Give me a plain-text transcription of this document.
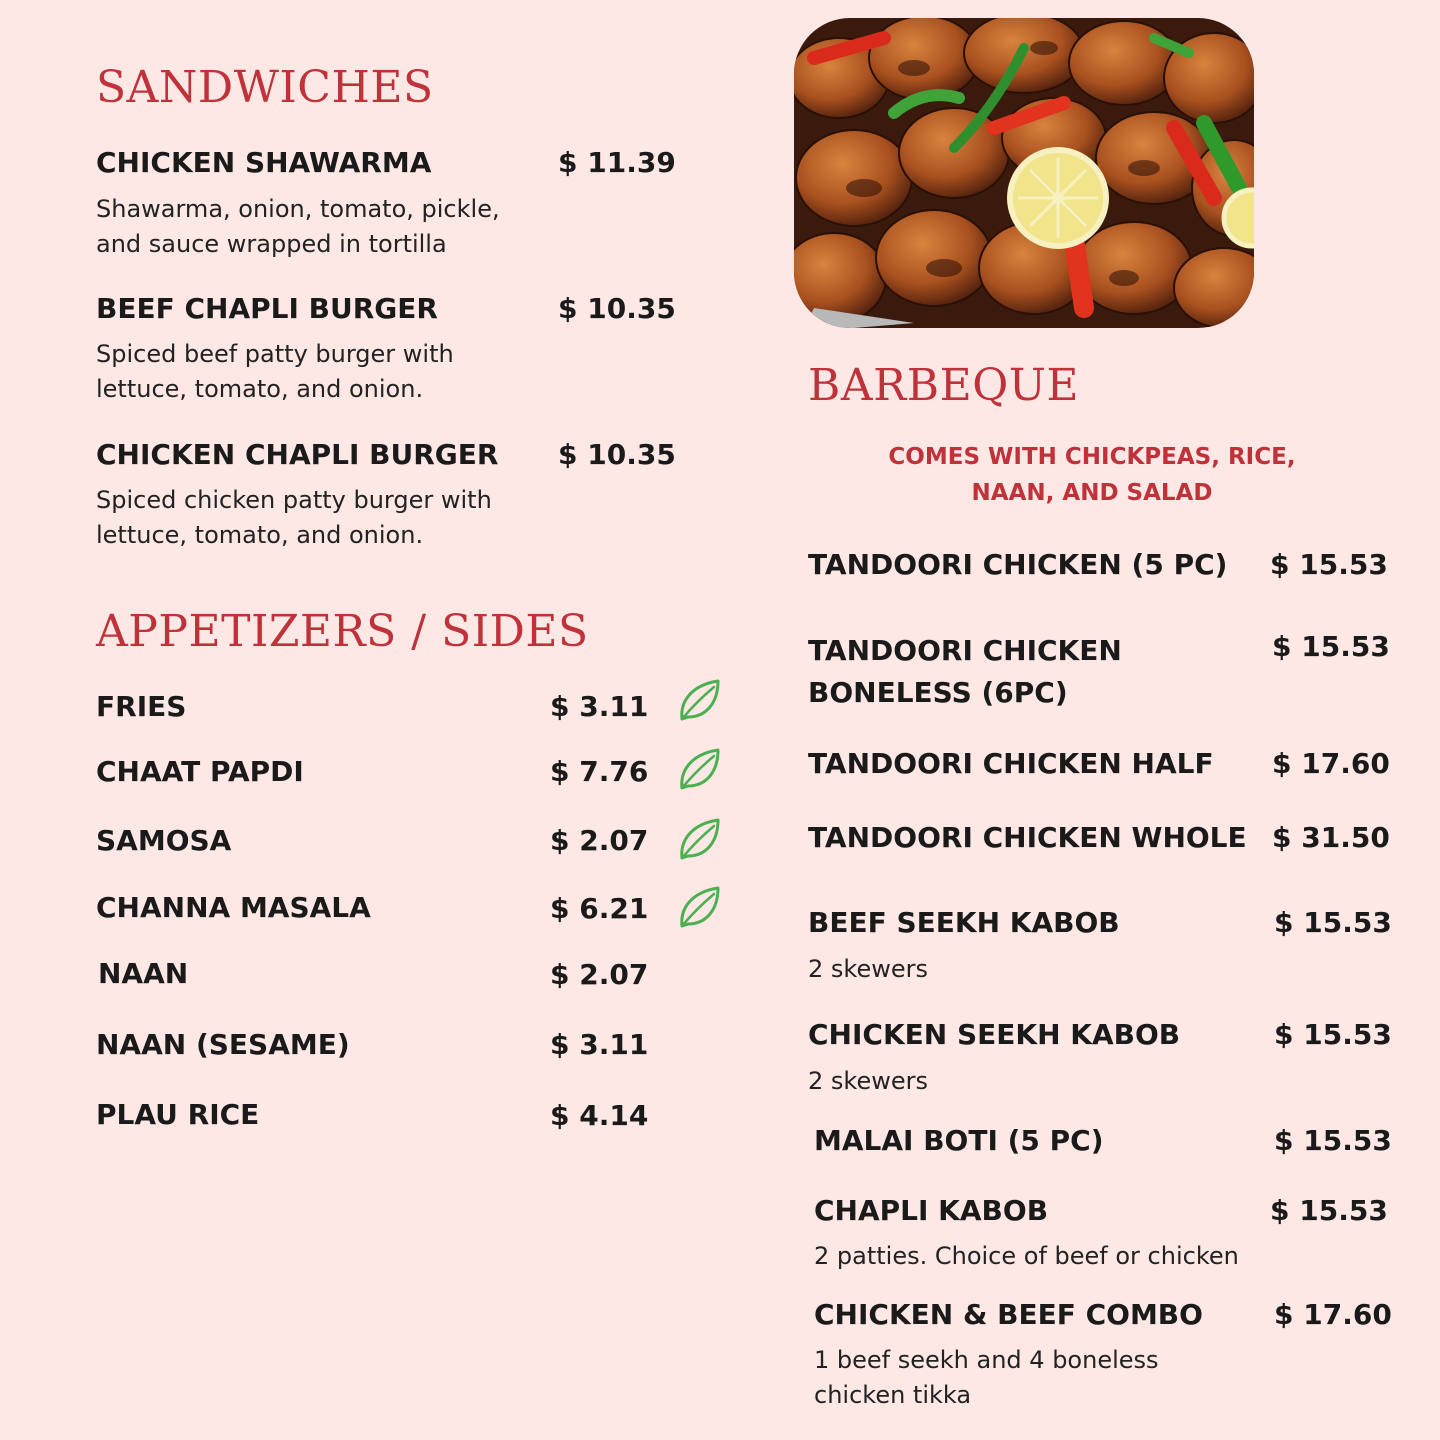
SANDWICHES
CHICKEN SHAWARMA	$ 11.39

Shawarma, onion, tomato, pickle,
and sauce wrapped in tortilla

BEEF CHAPLI BURGER	$ 10.35

Spiced beef patty burger with
lettuce, tomato, and onion.

CHICKEN CHAPLI BURGER $ 10.35

Spiced chicken patty burger with
lettuce, tomato, and onion.

APPETIZERS / SIDES
FRIES	$ 3.11
CHAAT PAPDI	$ 7.76
SAMOSA	$ 2.07
CHANNA MASALA	$ 6.21
NAAN	$ 2.07
NAAN (SESAME)	$ 3.11
PLAU RICE	$ 4.14
BARBEQUE
COMES WITH CHICKPEAS, RICE,
NAAN, AND SALAD
TANDOORI CHICKEN (5 PC) $ 15.53
TANDOORI CHICKEN
BONELESS (6PC)
$ 15.53
TANDOORI CHICKEN HALF $ 17.60
TANDOORI CHICKEN WHOLE $ 31.50
BEEF SEEKH KABOB	$ 15.53

2 skewers

CHICKEN SEEKH KABOB	$ 15.53

2 skewers

MALAI BOTI (5 PC)	$ 15.53
CHAPLI KABOB	$ 15.53

2 patties. Choice of beef or chicken

CHICKEN & BEEF COMBO	$ 17.60

1 beef seekh and 4 boneless
chicken tikka
